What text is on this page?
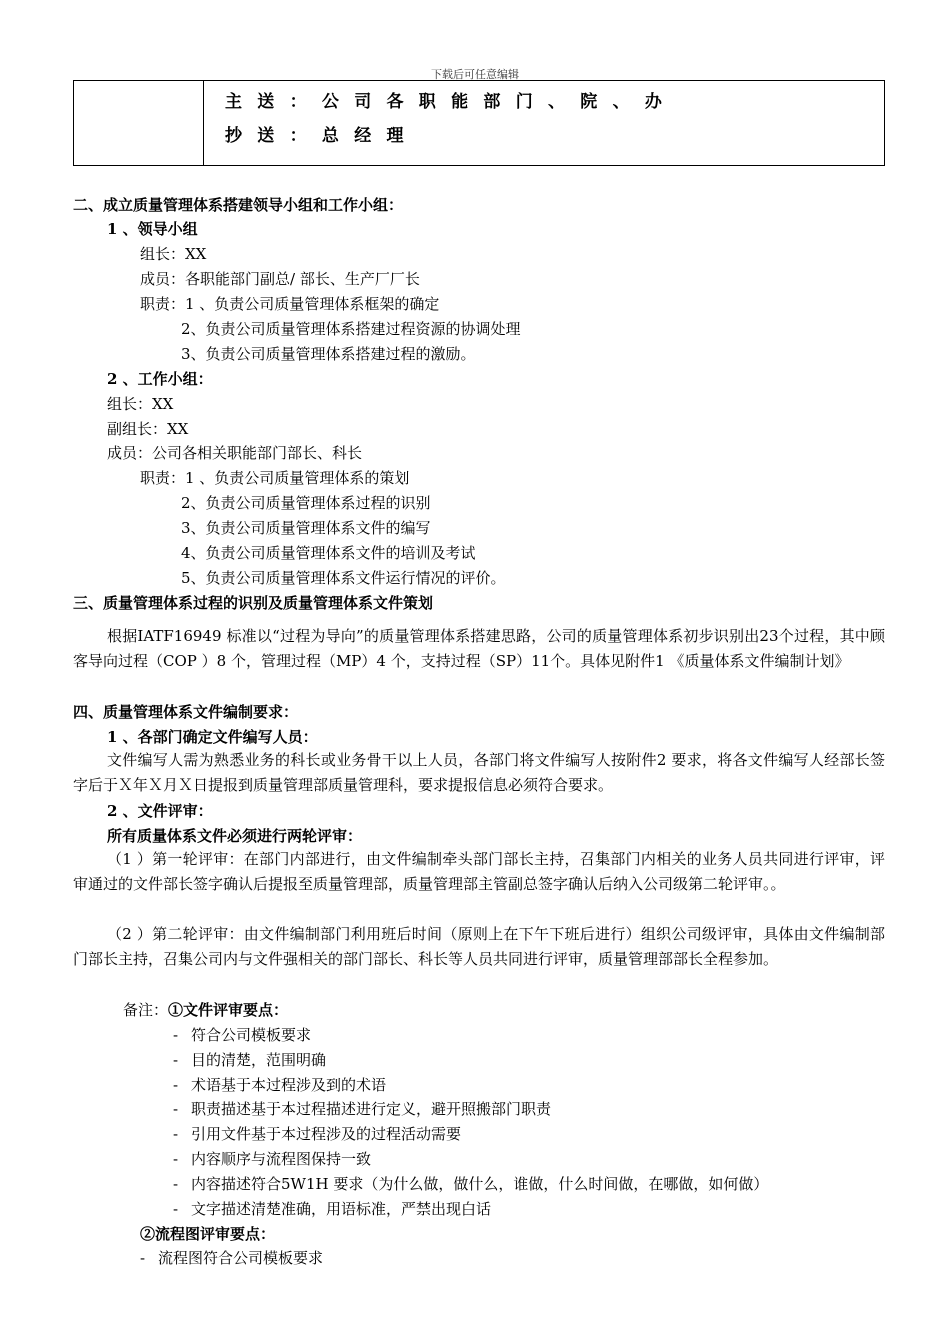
下载后可任意编辑
主送：公司各职能部门、院、办
抄送：总经理
二、成立质量管理体系搭建领导小组和工作小组：
1 、领导小组
组长：XX
成员：各职能部门副总/ 部长、生产厂厂长
职责：1 、负责公司质量管理体系框架的确定
2、负责公司质量管理体系搭建过程资源的协调处理
3、负责公司质量管理体系搭建过程的激励。
2 、工作小组：
组长：XX
副组长：XX
成员：公司各相关职能部门部长、科长
职责：1 、负责公司质量管理体系的策划
2、负责公司质量管理体系过程的识别
3、负责公司质量管理体系文件的编写
4、负责公司质量管理体系文件的培训及考试
5、负责公司质量管理体系文件运行情况的评价。
三、质量管理体系过程的识别及质量管理体系文件策划
根据IATF16949 标准以“过程为导向”的质量管理体系搭建思路，公司的质量管理体系初步识别出23个过程，其中顾客导向过程（COP ）8 个，管理过程（MP）4 个，支持过程（SP）11个。具体见附件1 《质量体系文件编制计划》
四、质量管理体系文件编制要求：
1 、各部门确定文件编写人员：
文件编写人需为熟悉业务的科长或业务骨干以上人员，各部门将文件编写人按附件2 要求，将各文件编写人经部长签字后于Ｘ年Ｘ月Ｘ日提报到质量管理部质量管理科，要求提报信息必须符合要求。
2 、文件评审：
所有质量体系文件必须进行两轮评审：
（1 ）第一轮评审：在部门内部进行，由文件编制牵头部门部长主持，召集部门内相关的业务人员共同进行评审，评审通过的文件部长签字确认后提报至质量管理部，质量管理部主管副总签字确认后纳入公司级第二轮评审。。
（2 ）第二轮评审：由文件编制部门利用班后时间（原则上在下午下班后进行）组织公司级评审，具体由文件编制部门部长主持，召集公司内与文件强相关的部门部长、科长等人员共同进行评审，质量管理部部长全程参加。
备注：①文件评审要点：
- 符合公司模板要求
- 目的清楚，范围明确
- 术语基于本过程涉及到的术语
- 职责描述基于本过程描述进行定义，避开照搬部门职责
- 引用文件基于本过程涉及的过程活动需要
- 内容顺序与流程图保持一致
- 内容描述符合5W1H 要求（为什么做，做什么，谁做，什么时间做，在哪做，如何做）
- 文字描述清楚准确，用语标准，严禁出现白话
②流程图评审要点：
- 流程图符合公司模板要求
